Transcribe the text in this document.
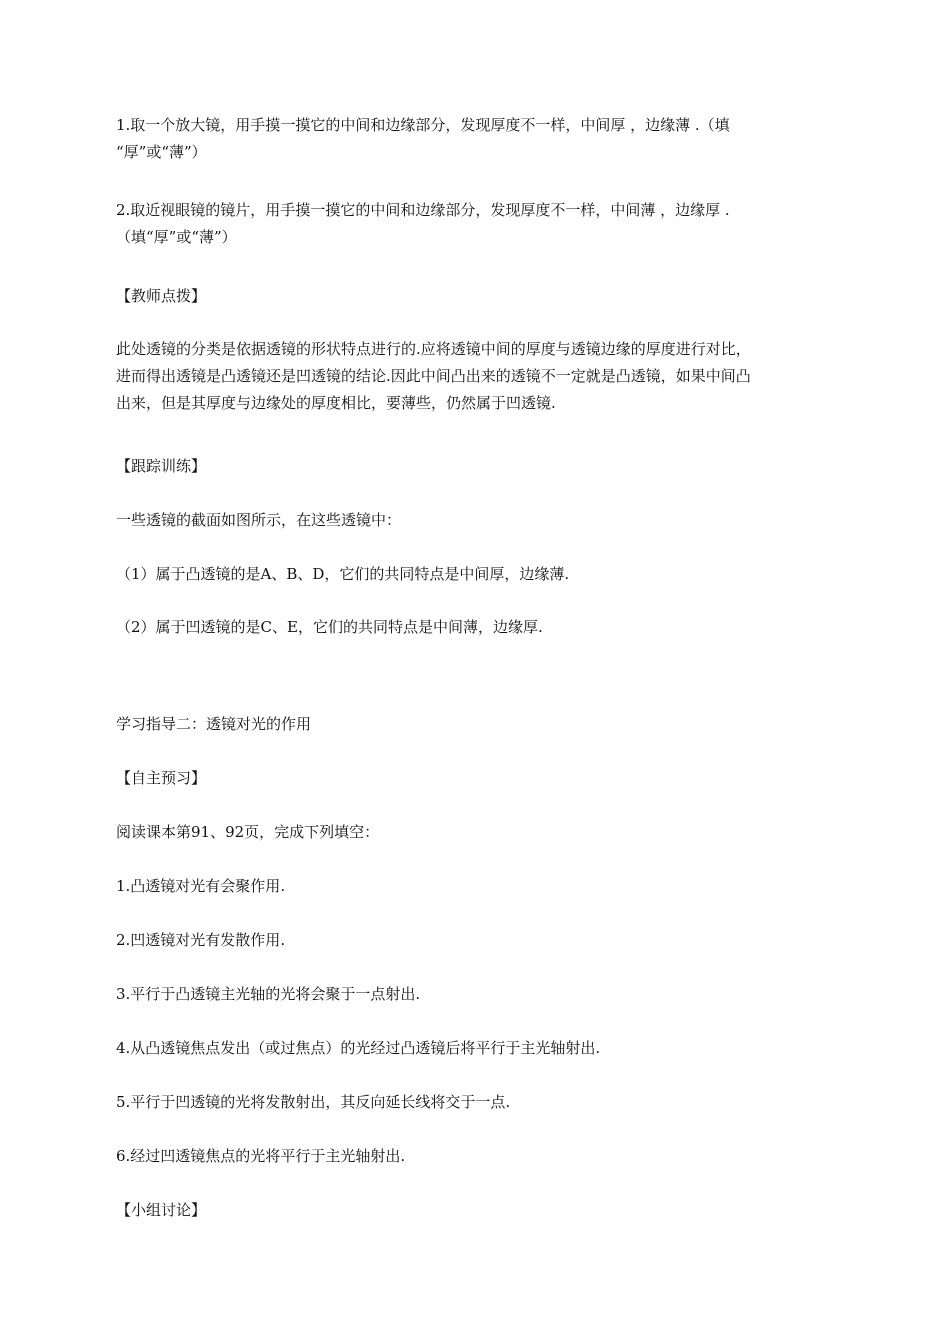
1.取一个放大镜，用手摸一摸它的中间和边缘部分，发现厚度不一样，中间厚 ，边缘薄 .（填
“厚”或“薄”）
2.取近视眼镜的镜片，用手摸一摸它的中间和边缘部分，发现厚度不一样，中间薄 ，边缘厚 .
（填“厚”或“薄”）
【教师点拨】
此处透镜的分类是依据透镜的形状特点进行的.应将透镜中间的厚度与透镜边缘的厚度进行对比，
进而得出透镜是凸透镜还是凹透镜的结论.因此中间凸出来的透镜不一定就是凸透镜，如果中间凸
出来，但是其厚度与边缘处的厚度相比，要薄些，仍然属于凹透镜.
【跟踪训练】
一些透镜的截面如图所示，在这些透镜中：
（1）属于凸透镜的是A、B、D，它们的共同特点是中间厚，边缘薄.
（2）属于凹透镜的是C、E，它们的共同特点是中间薄，边缘厚.
学习指导二：透镜对光的作用
【自主预习】
阅读课本第91、92页，完成下列填空：
1.凸透镜对光有会聚作用.
2.凹透镜对光有发散作用.
3.平行于凸透镜主光轴的光将会聚于一点射出.
4.从凸透镜焦点发出（或过焦点）的光经过凸透镜后将平行于主光轴射出.
5.平行于凹透镜的光将发散射出，其反向延长线将交于一点.
6.经过凹透镜焦点的光将平行于主光轴射出.
【小组讨论】
